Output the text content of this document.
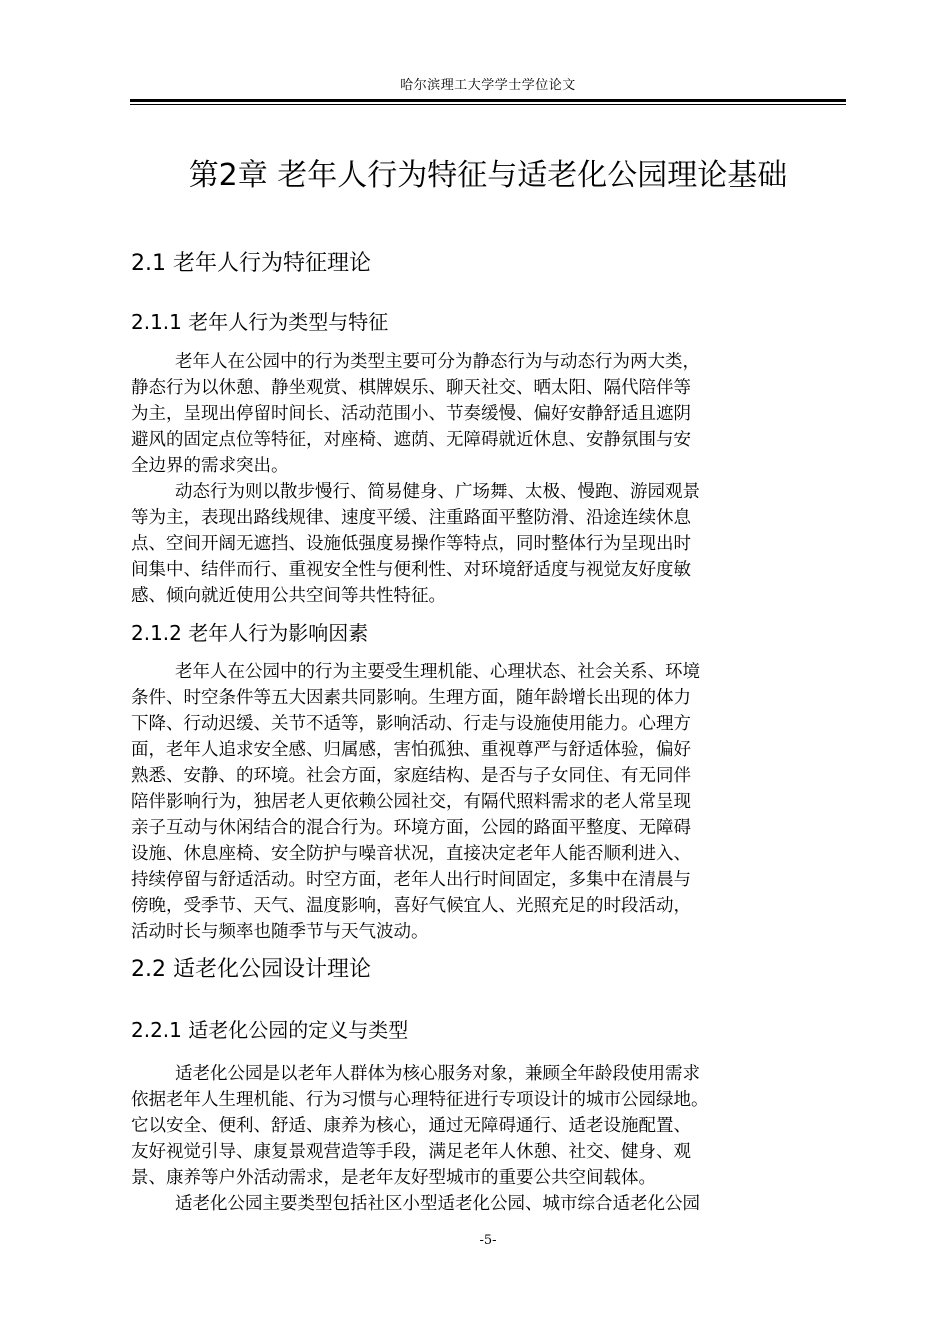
哈尔滨理工大学学士学位论文
第2章 老年人行为特征与适老化公园理论基础
2.1 老年人行为特征理论
2.1.1 老年人行为类型与特征
老年人在公园中的行为类型主要可分为静态行为与动态行为两大类，
静态行为以休憩、静坐观赏、棋牌娱乐、聊天社交、晒太阳、隔代陪伴等
为主，呈现出停留时间长、活动范围小、节奏缓慢、偏好安静舒适且遮阴
避风的固定点位等特征，对座椅、遮荫、无障碍就近休息、安静氛围与安
全边界的需求突出。
动态行为则以散步慢行、简易健身、广场舞、太极、慢跑、游园观景
等为主，表现出路线规律、速度平缓、注重路面平整防滑、沿途连续休息
点、空间开阔无遮挡、设施低强度易操作等特点，同时整体行为呈现出时
间集中、结伴而行、重视安全性与便利性、对环境舒适度与视觉友好度敏
感、倾向就近使用公共空间等共性特征。
2.1.2 老年人行为影响因素
老年人在公园中的行为主要受生理机能、心理状态、社会关系、环境
条件、时空条件等五大因素共同影响。生理方面，随年龄增长出现的体力
下降、行动迟缓、关节不适等，影响活动、行走与设施使用能力。心理方
面，老年人追求安全感、归属感，害怕孤独、重视尊严与舒适体验，偏好
熟悉、安静、的环境。社会方面，家庭结构、是否与子女同住、有无同伴
陪伴影响行为，独居老人更依赖公园社交，有隔代照料需求的老人常呈现
亲子互动与休闲结合的混合行为。环境方面，公园的路面平整度、无障碍
设施、休息座椅、安全防护与噪音状况，直接决定老年人能否顺利进入、
持续停留与舒适活动。时空方面，老年人出行时间固定，多集中在清晨与
傍晚，受季节、天气、温度影响，喜好气候宜人、光照充足的时段活动，
活动时长与频率也随季节与天气波动。
2.2 适老化公园设计理论
2.2.1 适老化公园的定义与类型
适老化公园是以老年人群体为核心服务对象，兼顾全年龄段使用需求
依据老年人生理机能、行为习惯与心理特征进行专项设计的城市公园绿地。
它以安全、便利、舒适、康养为核心，通过无障碍通行、适老设施配置、
友好视觉引导、康复景观营造等手段，满足老年人休憩、社交、健身、观
景、康养等户外活动需求，是老年友好型城市的重要公共空间载体。
适老化公园主要类型包括社区小型适老化公园、城市综合适老化公园
-5-
